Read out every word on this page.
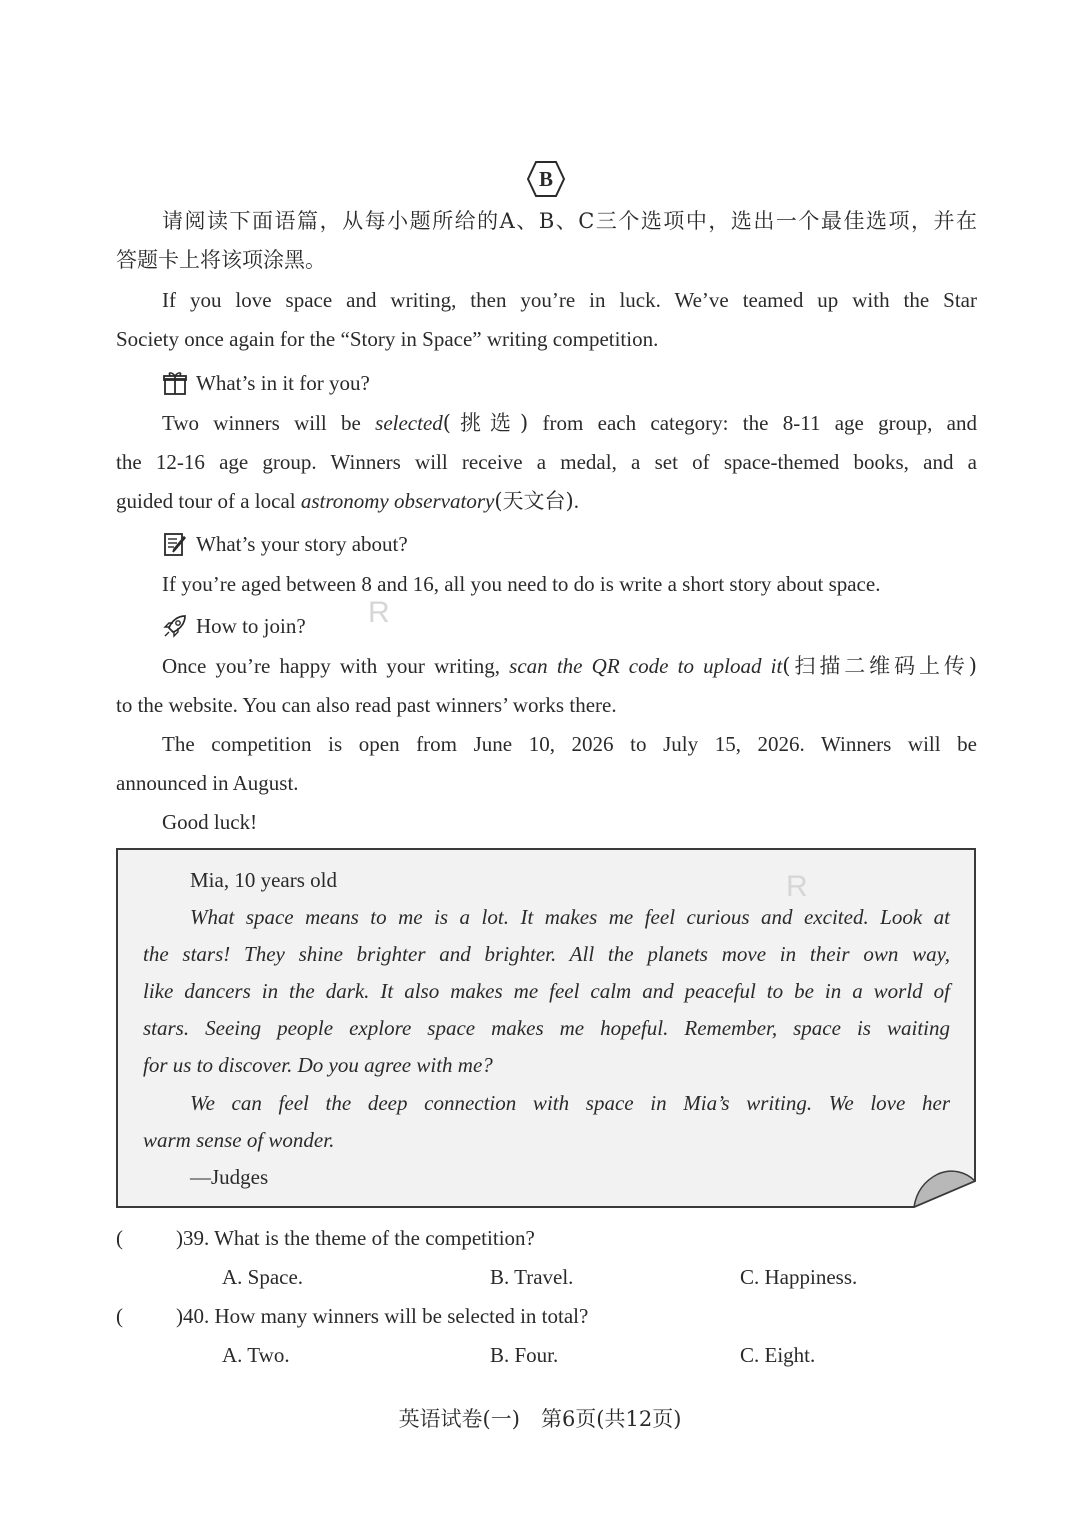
B
请阅读下面语篇，从每小题所给的A、B、C三个选项中，选出一个最佳选项，并在
答题卡上将该项涂黑。
If you love space and writing, then you’re in luck. We’ve teamed up with the Star
Society once again for the “Story in Space” writing competition.
What’s in it for you?
Two winners will be selected(挑选) from each category: the 8-11 age group, and
the 12-16 age group. Winners will receive a medal, a set of space-themed books, and a
guided tour of a local astronomy observatory(天文台).
What’s your story about?
If you’re aged between 8 and 16, all you need to do is write a short story about space.
How to join? R
Once you’re happy with your writing, scan the QR code to upload it(扫描二维码上传)
to the website. You can also read past winners’ works there.
The competition is open from June 10, 2026 to July 15, 2026. Winners will be
announced in August.
Good luck!
Mia, 10 years old	R
What space means to me is a lot. It makes me feel curious and excited. Look at
the stars! They shine brighter and brighter. All the planets move in their own way,
like dancers in the dark. It also makes me feel calm and peaceful to be in a world of
stars. Seeing people explore space makes me hopeful. Remember, space is waiting
for us to discover. Do you agree with me?
We can feel the deep connection with space in Mia’s writing. We love her
warm sense of wonder.
—Judges
(	)39. What is the theme of the competition?
A. Space.	B. Travel.	C. Happiness.
(	)40. How many winners will be selected in total?
A. Two.	B. Four.	C. Eight.
英语试卷(一)　第6页(共12页)
